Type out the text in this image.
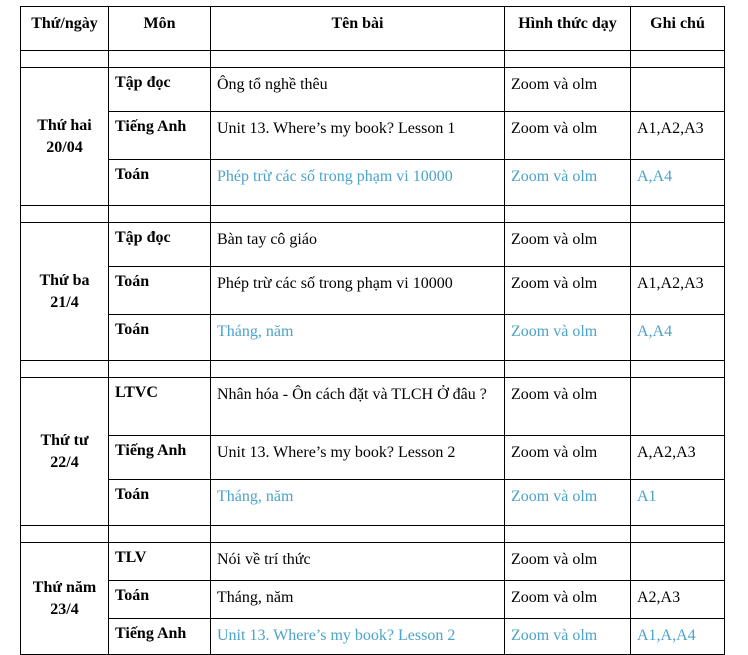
Thứ/ngày	Môn	Tên bài	Hình thức dạy	Ghi chú

Thứ hai
20/04	Tập đọc	Ông tổ nghề thêu	Zoom và olm	
	Tiếng Anh	Unit 13. Where’s my book? Lesson 1	Zoom và olm	A1,A2,A3
	Toán	Phép trừ các số trong phạm vi 10000	Zoom và olm	A,A4

Thứ ba
21/4	Tập đọc	Bàn tay cô giáo	Zoom và olm	
	Toán	Phép trừ các số trong phạm vi 10000	Zoom và olm	A1,A2,A3
	Toán	Tháng, năm	Zoom và olm	A,A4

Thứ tư
22/4	LTVC	Nhân hóa - Ôn cách đặt và TLCH Ở đâu ?	Zoom và olm	
	Tiếng Anh	Unit 13. Where’s my book? Lesson 2	Zoom và olm	A,A2,A3
	Toán	Tháng, năm	Zoom và olm	A1

Thứ năm
23/4	TLV	Nói về trí thức	Zoom và olm	
	Toán	Tháng, năm	Zoom và olm	A2,A3
	Tiếng Anh	Unit 13. Where’s my book? Lesson 2	Zoom và olm	A1,A,A4
